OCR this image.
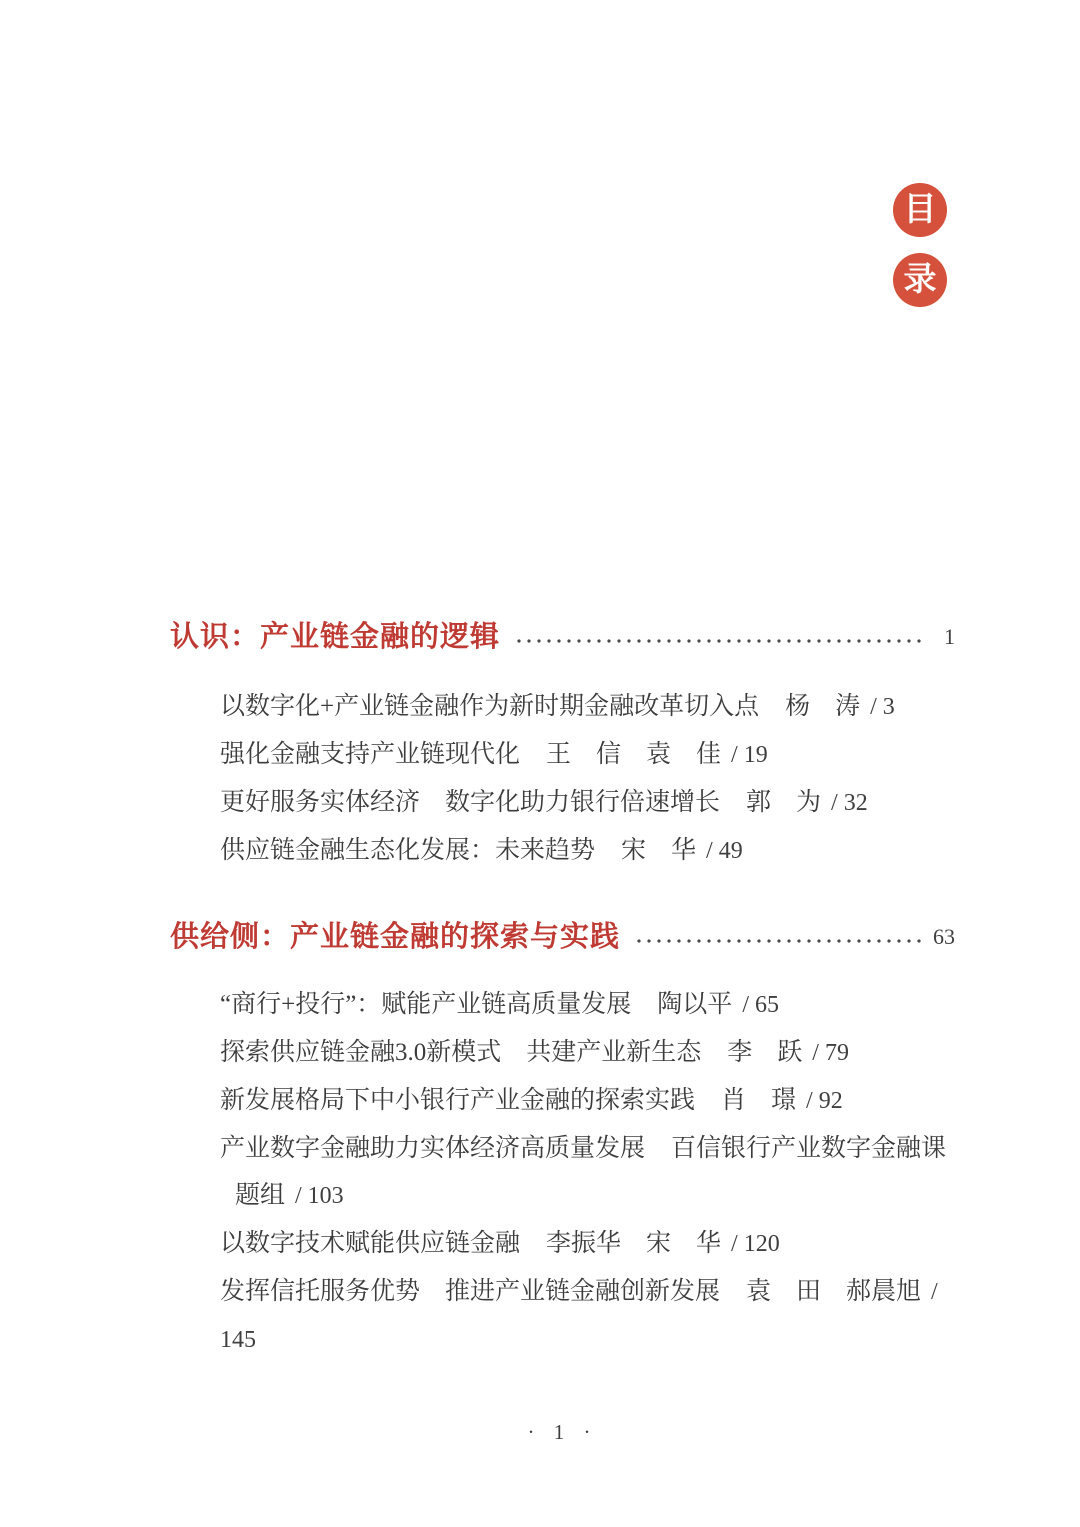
目
录
认识：产业链金融的逻辑	1

以数字化+产业链金融作为新时期金融改革切入点 杨　涛 / 3

强化金融支持产业链现代化 王　信　袁　佳 / 19

更好服务实体经济　数字化助力银行倍速增长 郭　为 / 32

供应链金融生态化发展：未来趋势 宋　华 / 49

供给侧：产业链金融的探索与实践	63

“商行+投行”：赋能产业链高质量发展 陶以平 / 65

探索供应链金融3.0新模式　共建产业新生态 李　跃 / 79

新发展格局下中小银行产业金融的探索实践 肖　璟 / 92

产业数字金融助力实体经济高质量发展 百信银行产业数字金融课题组 / 103

以数字技术赋能供应链金融 李振华　宋　华 / 120

发挥信托服务优势　推进产业链金融创新发展 袁　田　郝晨旭 / 145

· 1 ·
